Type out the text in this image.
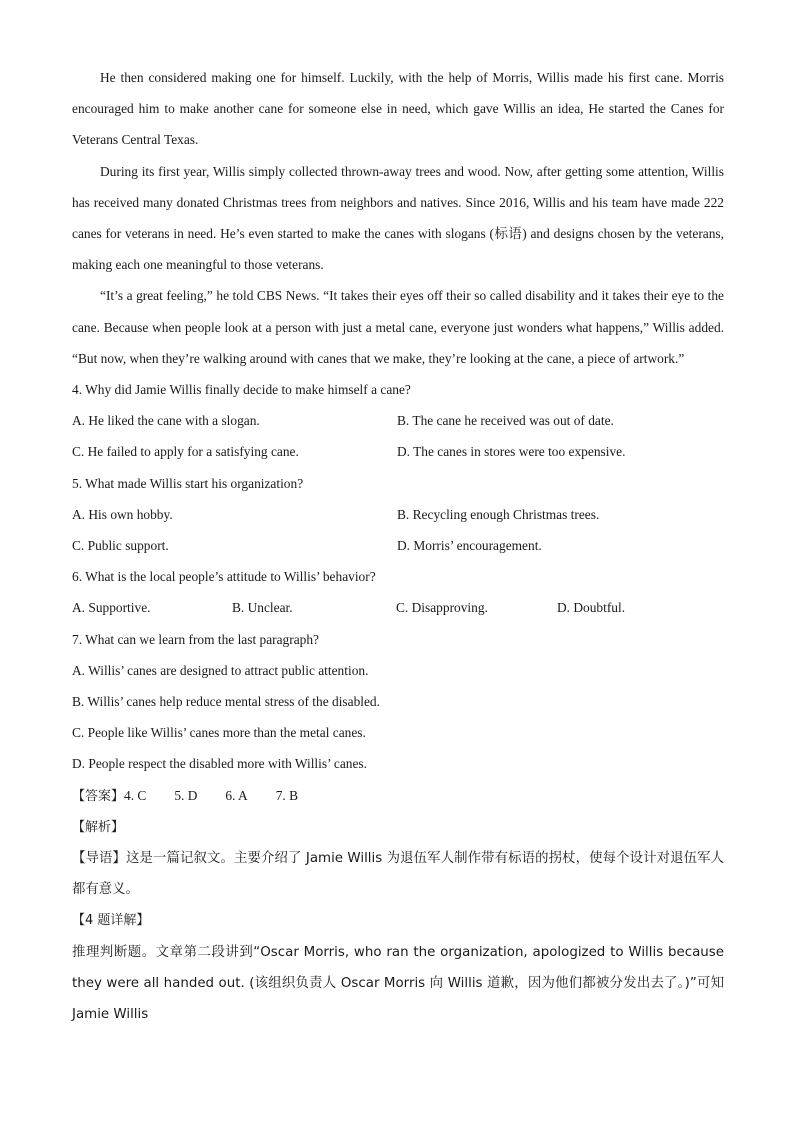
He then considered making one for himself. Luckily, with the help of Morris, Willis made his first cane. Morris encouraged him to make another cane for someone else in need, which gave Willis an idea, He started the Canes for Veterans Central Texas.

During its first year, Willis simply collected thrown-away trees and wood. Now, after getting some attention, Willis has received many donated Christmas trees from neighbors and natives. Since 2016, Willis and his team have made 222 canes for veterans in need. He’s even started to make the canes with slogans (标语) and designs chosen by the veterans, making each one meaningful to those veterans.

“It’s a great feeling,” he told CBS News. “It takes their eyes off their so called disability and it takes their eye to the cane. Because when people look at a person with just a metal cane, everyone just wonders what happens,” Willis added. “But now, when they’re walking around with canes that we make, they’re looking at the cane, a piece of artwork.”

4. Why did Jamie Willis finally decide to make himself a cane?

A. He liked the cane with a slogan.	B. The cane he received was out of date.
C. He failed to apply for a satisfying cane.	D. The canes in stores were too expensive.

5. What made Willis start his organization?

A. His own hobby.	B. Recycling enough Christmas trees.
C. Public support.	D. Morris’ encouragement.

6. What is the local people’s attitude to Willis’ behavior?

A. Supportive.	B. Unclear.	C. Disapproving.	D. Doubtful.

7. What can we learn from the last paragraph?

A. Willis’ canes are designed to attract public attention.

B. Willis’ canes help reduce mental stress of the disabled.

C. People like Willis’ canes more than the metal canes.

D. People respect the disabled more with Willis’ canes.

【答案】4. C 5. D 6. A 7. B

【解析】

【导语】这是一篇记叙文。主要介绍了 Jamie Willis 为退伍军人制作带有标语的拐杖，使每个设计对退伍军人都有意义。

【4 题详解】

推理判断题。文章第二段讲到“Oscar Morris, who ran the organization, apologized to Willis because they were all handed out. (该组织负责人 Oscar Morris 向 Willis 道歉，因为他们都被分发出去了。)”可知 Jamie Willis
